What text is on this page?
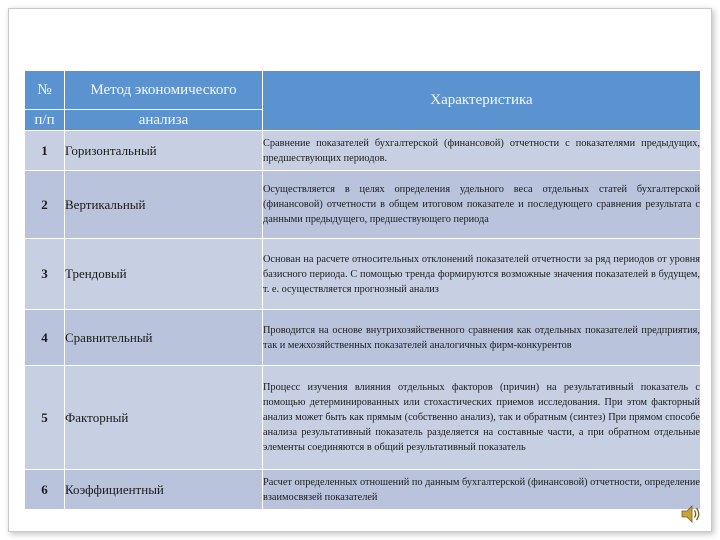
№	Метод экономического	Характеристика
п/п	анализа	
1	Горизонтальный	Сравнение показателей бухгалтерской (финансовой) отчетности с показателями предыдущих, предшествующих периодов.
2	Вертикальный	Осуществляется в целях определения удельного веса отдельных статей бухгалтерской (финансовой) отчетности в общем итоговом показателе и последующего сравнения результата с данными предыдущего, предшествующего периода
3	Трендовый	Основан на расчете относительных отклонений показателей отчетности за ряд периодов от уровня базисного периода. С помощью тренда формируются возможные значения показателей в будущем, т. е. осуществляется прогнозный анализ
4	Сравнительный	Проводится на основе внутрихозяйственного сравнения как отдельных показателей предприятия, так и межхозяйственных показателей аналогичных фирм-конкурентов
5	Факторный	Процесс изучения влияния отдельных факторов (причин) на результативный показатель с помощью детерминированных или стохастических приемов исследования. При этом факторный анализ может быть как прямым (собственно анализ), так и обратным (синтез) При прямом способе анализа результативный показатель разделяется на составные части, а при обратном отдельные элементы соединяются в общий результативный показатель
6	Коэффициентный	Расчет определенных отношений по данным бухгалтерской (финансовой) отчетности, определение взаимосвязей показателей
